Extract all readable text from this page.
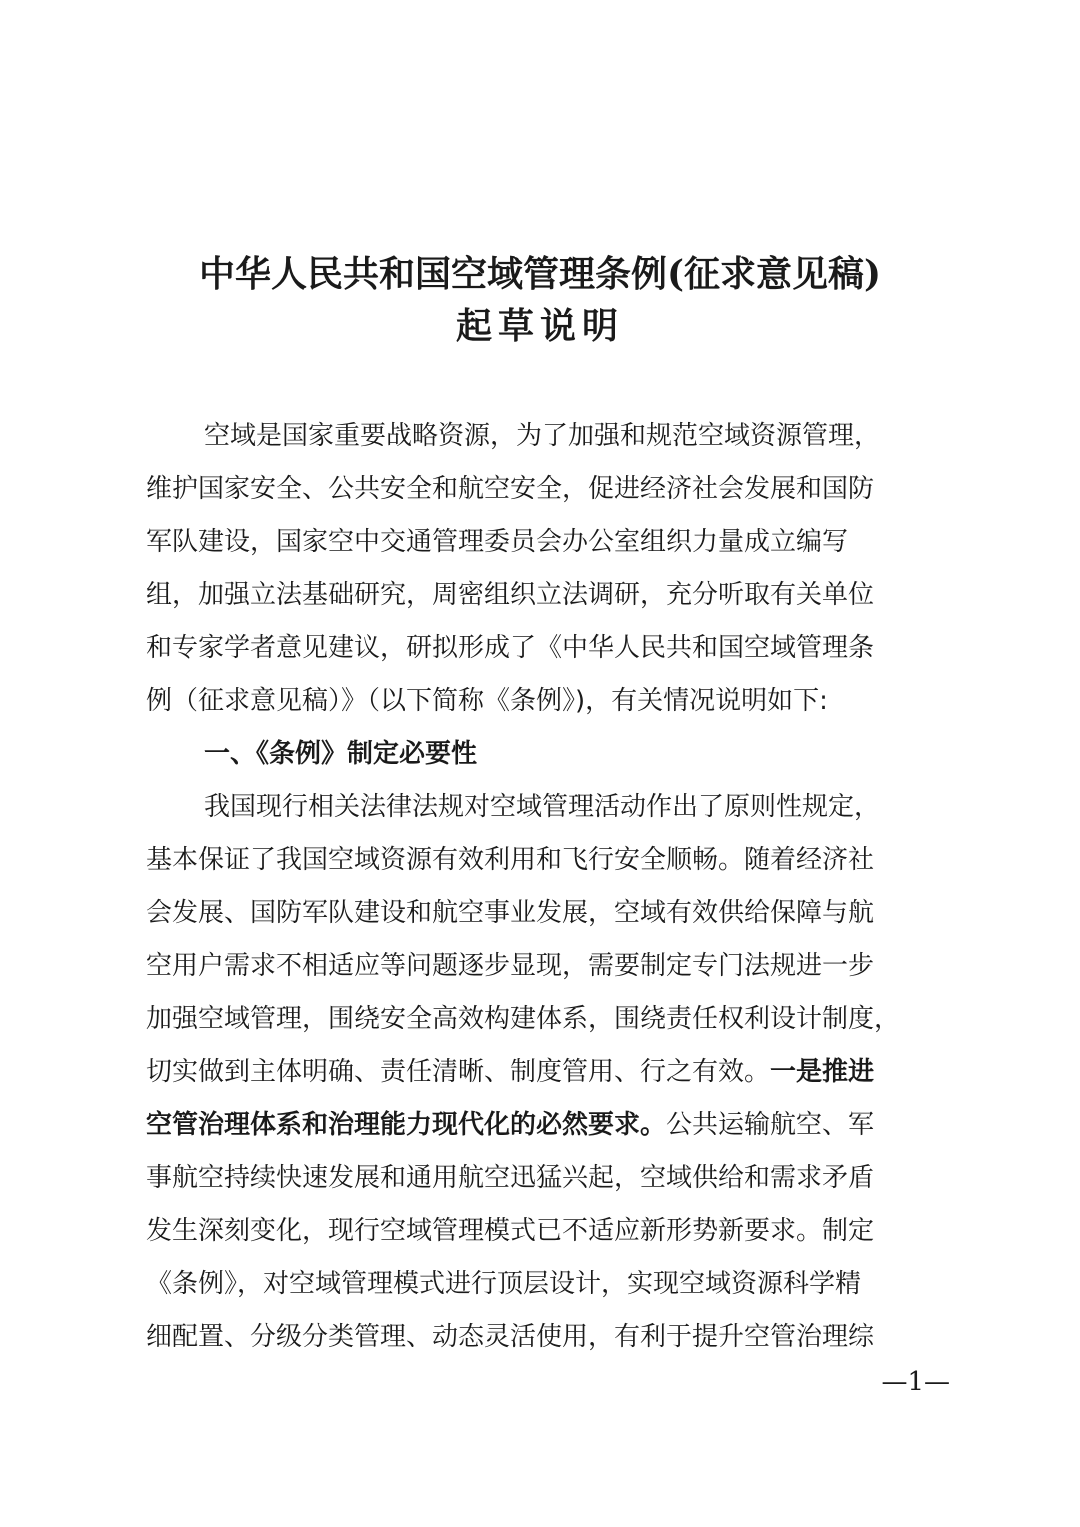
中华人民共和国空域管理条例(征求意见稿)
起草说明
空域是国家重要战略资源，为了加强和规范空域资源管理，
维护国家安全、公共安全和航空安全，促进经济社会发展和国防
军队建设，国家空中交通管理委员会办公室组织力量成立编写
组，加强立法基础研究，周密组织立法调研，充分听取有关单位
和专家学者意见建议，研拟形成了《中华人民共和国空域管理条
例（征求意见稿）》（以下简称《条例》)，有关情况说明如下:
一、《条例》制定必要性
我国现行相关法律法规对空域管理活动作出了原则性规定，
基本保证了我国空域资源有效利用和飞行安全顺畅。随着经济社
会发展、国防军队建设和航空事业发展，空域有效供给保障与航
空用户需求不相适应等问题逐步显现，需要制定专门法规进一步
加强空域管理，围绕安全高效构建体系，围绕责任权利设计制度，
切实做到主体明确、责任清晰、制度管用、行之有效。一是推进
空管治理体系和治理能力现代化的必然要求。公共运输航空、军
事航空持续快速发展和通用航空迅猛兴起，空域供给和需求矛盾
发生深刻变化，现行空域管理模式已不适应新形势新要求。制定
《条例》，对空域管理模式进行顶层设计，实现空域资源科学精
细配置、分级分类管理、动态灵活使用，有利于提升空管治理综
—1—
